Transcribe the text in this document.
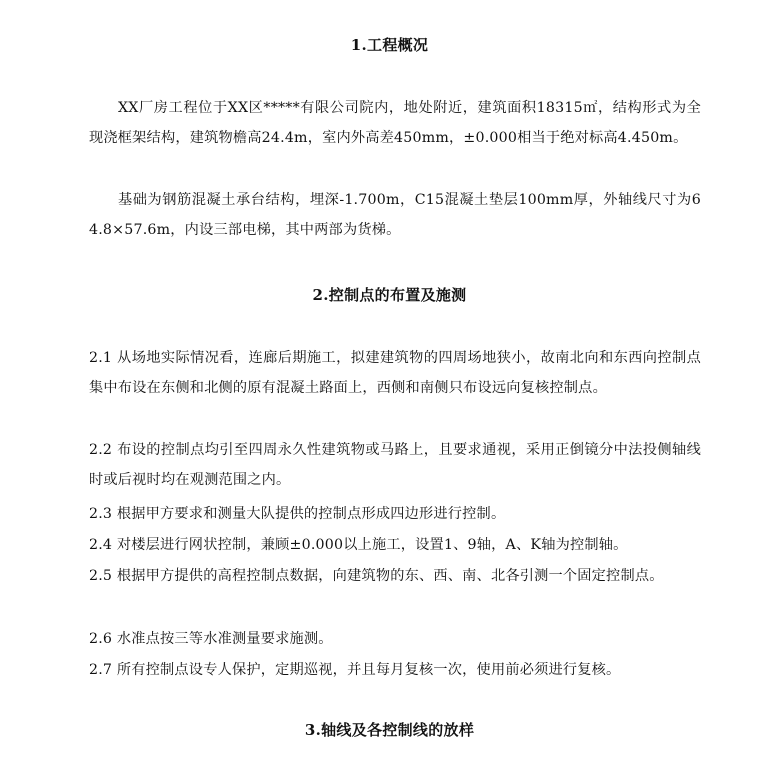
1.工程概况
XX厂房工程位于XX区*****有限公司院内，地处附近，建筑面积18315㎡，结构形式为全现浇框架结构，建筑物檐高24.4m，室内外高差450mm，±0.000相当于绝对标高4.450m。
基础为钢筋混凝土承台结构，埋深-1.700m，C15混凝土垫层100mm厚，外轴线尺寸为64.8×57.6m，内设三部电梯，其中两部为货梯。
2.控制点的布置及施测
2.1 从场地实际情况看，连廊后期施工，拟建建筑物的四周场地狭小，故南北向和东西向控制点集中布设在东侧和北侧的原有混凝土路面上，西侧和南侧只布设远向复核控制点。
2.2 布设的控制点均引至四周永久性建筑物或马路上，且要求通视，采用正倒镜分中法投侧轴线时或后视时均在观测范围之内。
2.3 根据甲方要求和测量大队提供的控制点形成四边形进行控制。
2.4 对楼层进行网状控制，兼顾±0.000以上施工，设置1、9轴，A、K轴为控制轴。
2.5 根据甲方提供的高程控制点数据，向建筑物的东、西、南、北各引测一个固定控制点。
2.6 水准点按三等水准测量要求施测。
2.7 所有控制点设专人保护，定期巡视，并且每月复核一次，使用前必须进行复核。
3.轴线及各控制线的放样
